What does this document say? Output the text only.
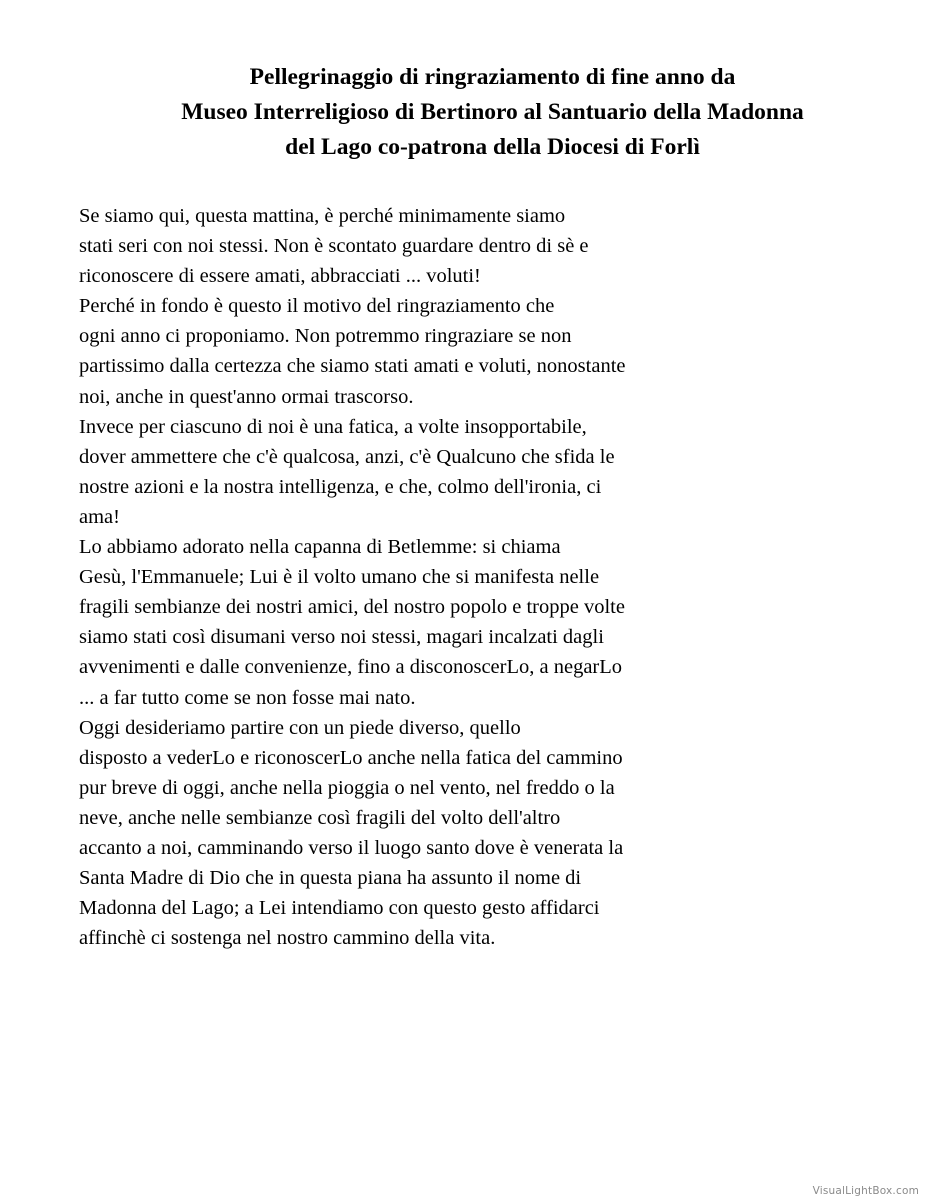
Pellegrinaggio di ringraziamento di fine anno da
Museo Interreligioso di Bertinoro al Santuario della Madonna
del Lago co-patrona della Diocesi di Forlì
Se siamo qui, questa mattina, è perché minimamente siamo
stati seri con noi stessi. Non è scontato guardare dentro di sè e
riconoscere di essere amati, abbracciati ... voluti!
Perché in fondo è questo il motivo del ringraziamento che
ogni anno ci proponiamo. Non potremmo ringraziare se non
partissimo dalla certezza che siamo stati amati e voluti, nonostante
noi, anche in quest'anno ormai trascorso.
Invece per ciascuno di noi è una fatica, a volte insopportabile,
dover ammettere che c'è qualcosa, anzi, c'è Qualcuno che sfida le
nostre azioni e la nostra intelligenza, e che, colmo dell'ironia, ci
ama!
Lo abbiamo adorato nella capanna di Betlemme: si chiama
Gesù, l'Emmanuele; Lui è il volto umano che si manifesta nelle
fragili sembianze dei nostri amici, del nostro popolo e troppe volte
siamo stati così disumani verso noi stessi, magari incalzati dagli
avvenimenti e dalle convenienze, fino a disconoscerLo, a negarLo
... a far tutto come se non fosse mai nato.
Oggi desideriamo partire con un piede diverso, quello
disposto a vederLo e riconoscerLo anche nella fatica del cammino
pur breve di oggi, anche nella pioggia o nel vento, nel freddo o la
neve, anche nelle sembianze così fragili del volto dell'altro
accanto a noi, camminando verso il luogo santo dove è venerata la
Santa Madre di Dio che in questa piana ha assunto il nome di
Madonna del Lago; a Lei intendiamo con questo gesto affidarci
affinchè ci sostenga nel nostro cammino della vita.
VisualLightBox.com
